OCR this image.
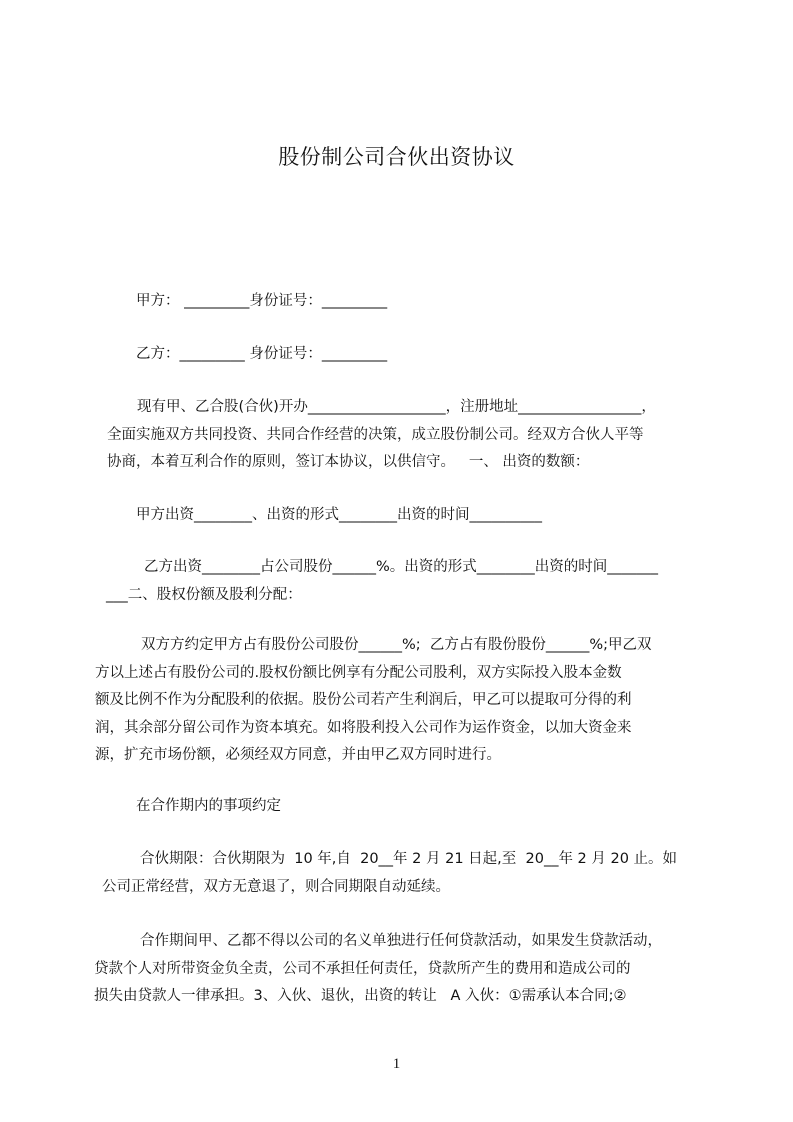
股份制公司合伙出资协议

甲方： _________身份证号：_________

乙方：_________ 身份证号：_________

现有甲、乙合股(合伙)开办___________________，注册地址_________________，
全面实施双方共同投资、共同合作经营的决策，成立股份制公司。经双方合伙人平等
协商，本着互利合作的原则，签订本协议，以供信守。   一、 出资的数额：

甲方出资________、出资的形式________出资的时间__________

乙方出资________占公司股份______%。出资的形式________出资的时间_______
___二、股权份额及股利分配：
双方方约定甲方占有股份公司股份______%;  乙方占有股份股份______%;甲乙双
方以上述占有股份公司的.股权份额比例享有分配公司股利，双方实际投入股本金数
额及比例不作为分配股利的依据。股份公司若产生利润后，甲乙可以提取可分得的利
润，其余部分留公司作为资本填充。如将股利投入公司作为运作资金，以加大资金来
源，扩充市场份额，必须经双方同意，并由甲乙双方同时进行。

在合作期内的事项约定

合伙期限：合伙期限为  10 年,自  20__年 2 月 21 日起,至  20__年 2 月 20 止。如
公司正常经营，双方无意退了，则合同期限自动延续。
合作期间甲、乙都不得以公司的名义单独进行任何贷款活动，如果发生贷款活动，
贷款个人对所带资金负全责，公司不承担任何责任，贷款所产生的费用和造成公司的
损失由贷款人一律承担。3、入伙、退伙，出资的转让   A 入伙：①需承认本合同;②
1
